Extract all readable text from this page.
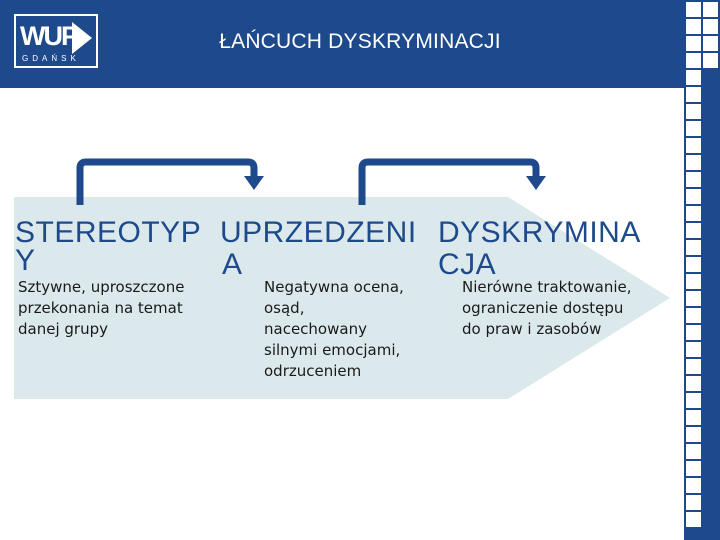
WUP
GDAŃSK
ŁAŃCUCH DYSKRYMINACJI
STEREOTYP
Y
Sztywne, uproszczone przekonania na temat danej grupy
UPRZEDZENI
A
Negatywna ocena, osąd, nacechowany silnymi emocjami, odrzuceniem
DYSKRYMINA
CJA
Nierówne traktowanie, ograniczenie dostępu do praw i zasobów
